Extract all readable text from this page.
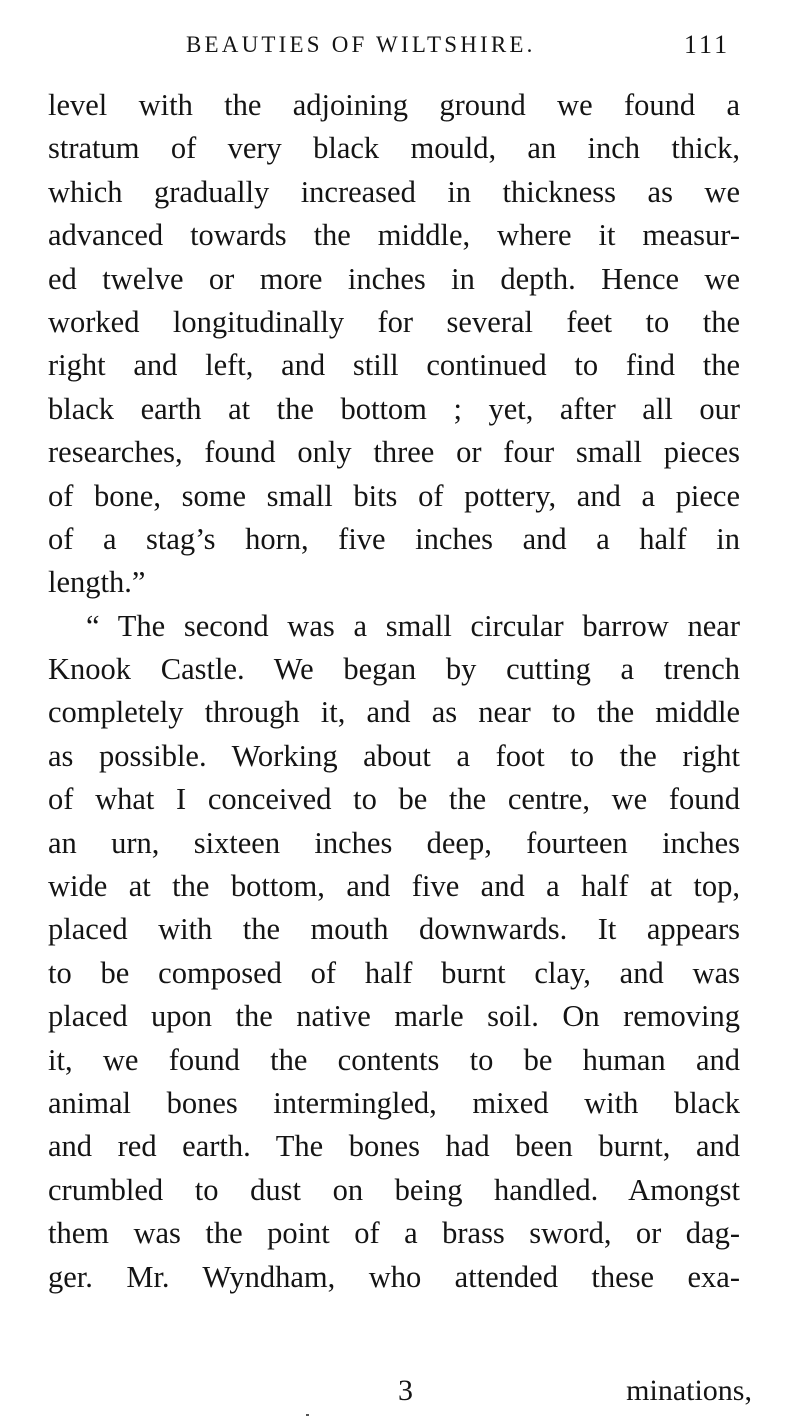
BEAUTIES OF WILTSHIRE.	111
level with the adjoining ground we found a
stratum of very black mould, an inch thick,
which gradually increased in thickness as we
advanced towards the middle, where it measur-
ed twelve or more inches in depth. Hence we
worked longitudinally for several feet to the
right and left, and still continued to find the
black earth at the bottom ; yet, after all our
researches, found only three or four small pieces
of bone, some small bits of pottery, and a piece
of a stag’s horn, five inches and a half in
length.”
“ The second was a small circular barrow near
Knook Castle. We began by cutting a trench
completely through it, and as near to the middle
as possible. Working about a foot to the right
of what I conceived to be the centre, we found
an urn, sixteen inches deep, fourteen inches
wide at the bottom, and five and a half at top,
placed with the mouth downwards. It appears
to be composed of half burnt clay, and was
placed upon the native marle soil. On removing
it, we found the contents to be human and
animal bones intermingled, mixed with black
and red earth. The bones had been burnt, and
crumbled to dust on being handled. Amongst
them was the point of a brass sword, or dag-
ger. Mr. Wyndham, who attended these exa-
3	minations,
